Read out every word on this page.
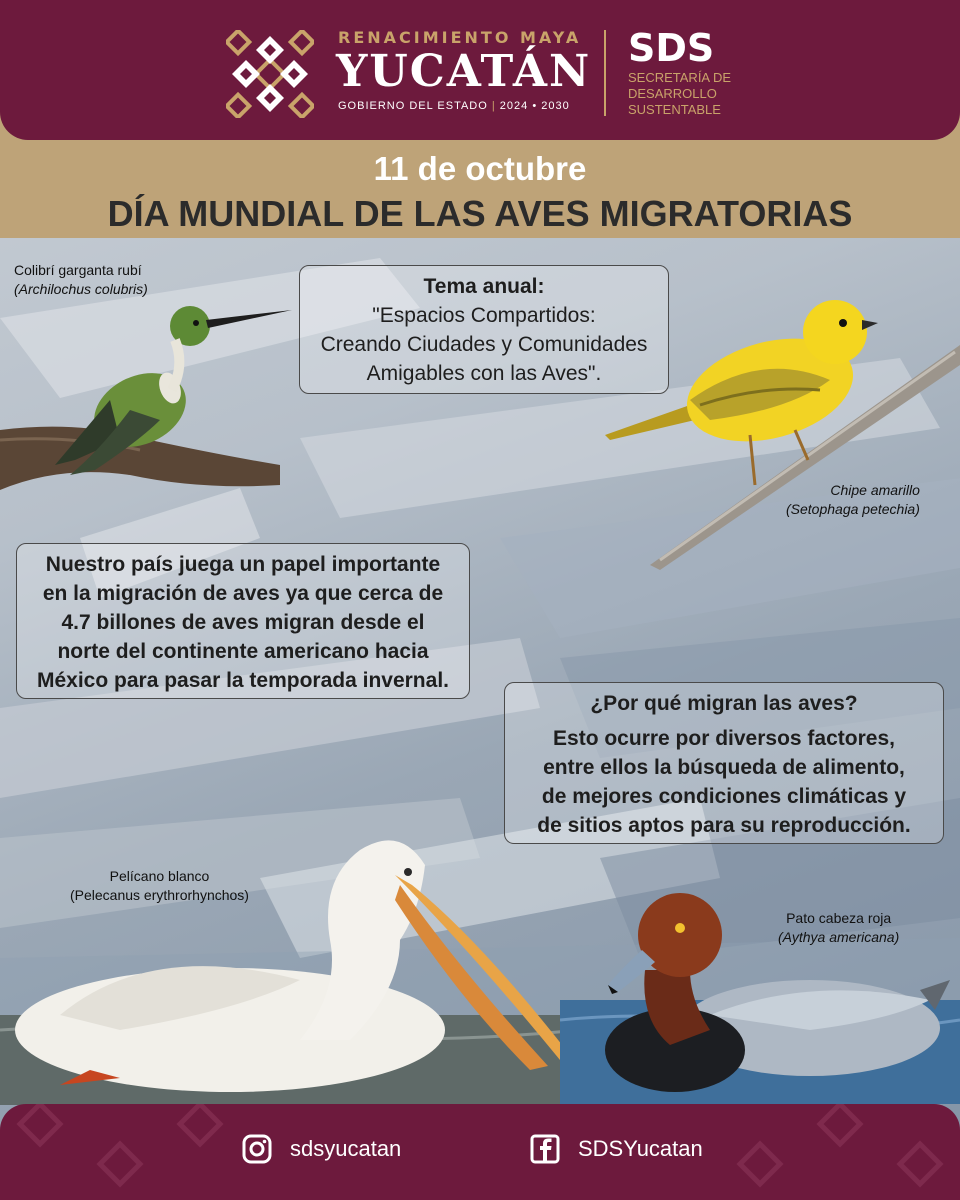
RENACIMIENTO MAYA
YUCATÁN
GOBIERNO DEL ESTADO | 2024 • 2030
SDS
SECRETARÍA DE DESARROLLO SUSTENTABLE
11 de octubre
DÍA MUNDIAL DE LAS AVES MIGRATORIAS
Colibrí garganta rubí
(Archilochus colubris)
Chipe amarillo
(Setophaga petechia)
Pelícano blanco
(Pelecanus erythrorhynchos)
Pato cabeza roja
(Aythya americana)
Tema anual:
"Espacios Compartidos:
Creando Ciudades y Comunidades
Amigables con las Aves".
Nuestro país juega un papel importante
en la migración de aves ya que cerca de
4.7 billones de aves migran desde el
norte del continente americano hacia
México para pasar la temporada invernal.
¿Por qué migran las aves?
Esto ocurre por diversos factores,
entre ellos la búsqueda de alimento,
de mejores condiciones climáticas y
de sitios aptos para su reproducción.
sdsyucatan	SDSYucatan
